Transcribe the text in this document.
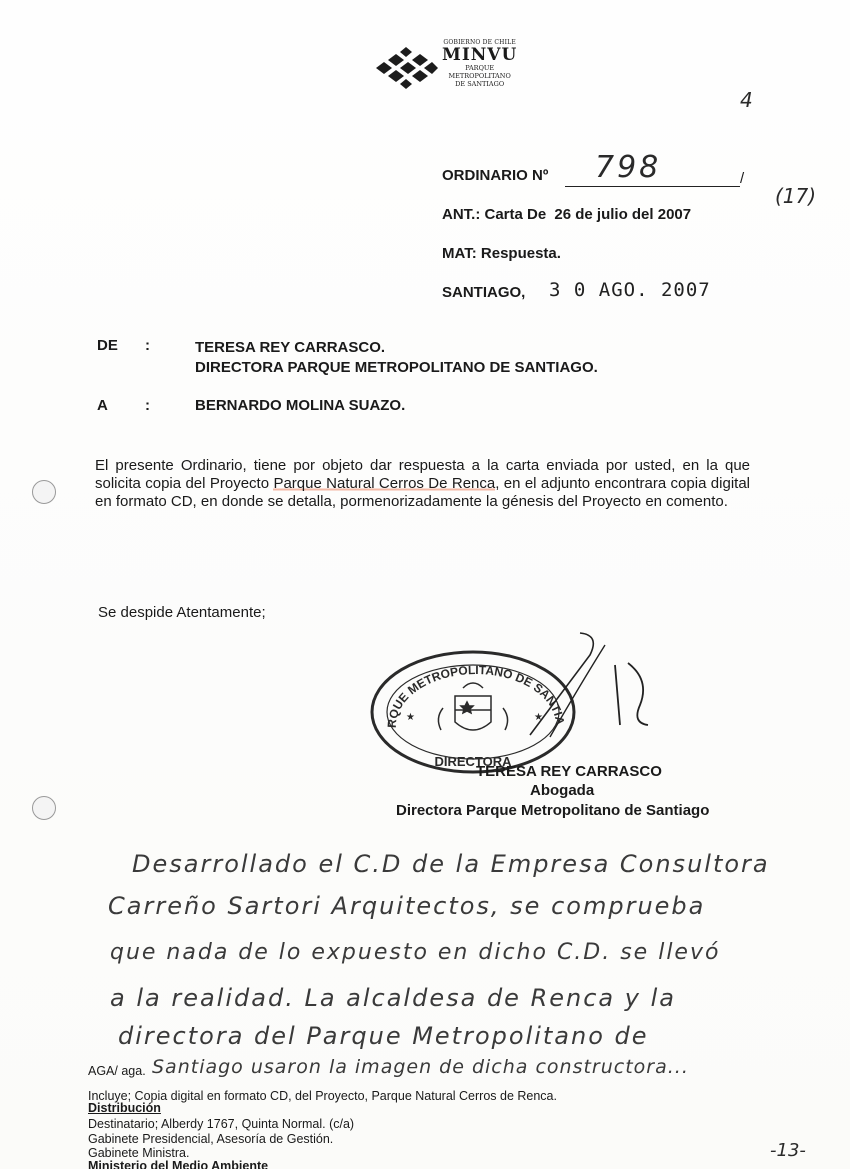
GOBIERNO DE CHILE
MINVU
PARQUE
METROPOLITANO
DE SANTIAGO
4
ORDINARIO Nº 798	/
(17)
ANT.: Carta De 26 de julio del 2007
MAT: Respuesta.
SANTIAGO, 3 0 AGO. 2007
DE :	TERESA REY CARRASCO.
DIRECTORA PARQUE METROPOLITANO DE SANTIAGO.
A :	BERNARDO MOLINA SUAZO.
El presente Ordinario, tiene por objeto dar respuesta a la carta enviada por usted, en la que solicita copia del Proyecto Parque Natural Cerros De Renca, en el adjunto encontrara copia digital en formato CD, en donde se detalla, pormenorizadamente la génesis del Proyecto en comento.
Se despide Atentamente;
RQUE METROPOLITANO DE SANTIA
★	★
DIRECTORA
TERESA REY CARRASCO
Abogada
Directora Parque Metropolitano de Santiago
Desarrollado el C.D de la Empresa Consultora
Carreño Sartori Arquitectos, se comprueba
que nada de lo expuesto en dicho C.D. se llevó
a la realidad. La alcaldesa de Renca y la
directora del Parque Metropolitano de
Santiago usaron la imagen de dicha constructora...
AGA/ aga.
Incluye; Copia digital en formato CD, del Proyecto, Parque Natural Cerros de Renca.
Distribución
Destinatario; Alberdy 1767, Quinta Normal. (c/a)
Gabinete Presidencial, Asesoría de Gestión.
Gabinete Ministra.
Ministerio del Medio Ambiente
-13-
